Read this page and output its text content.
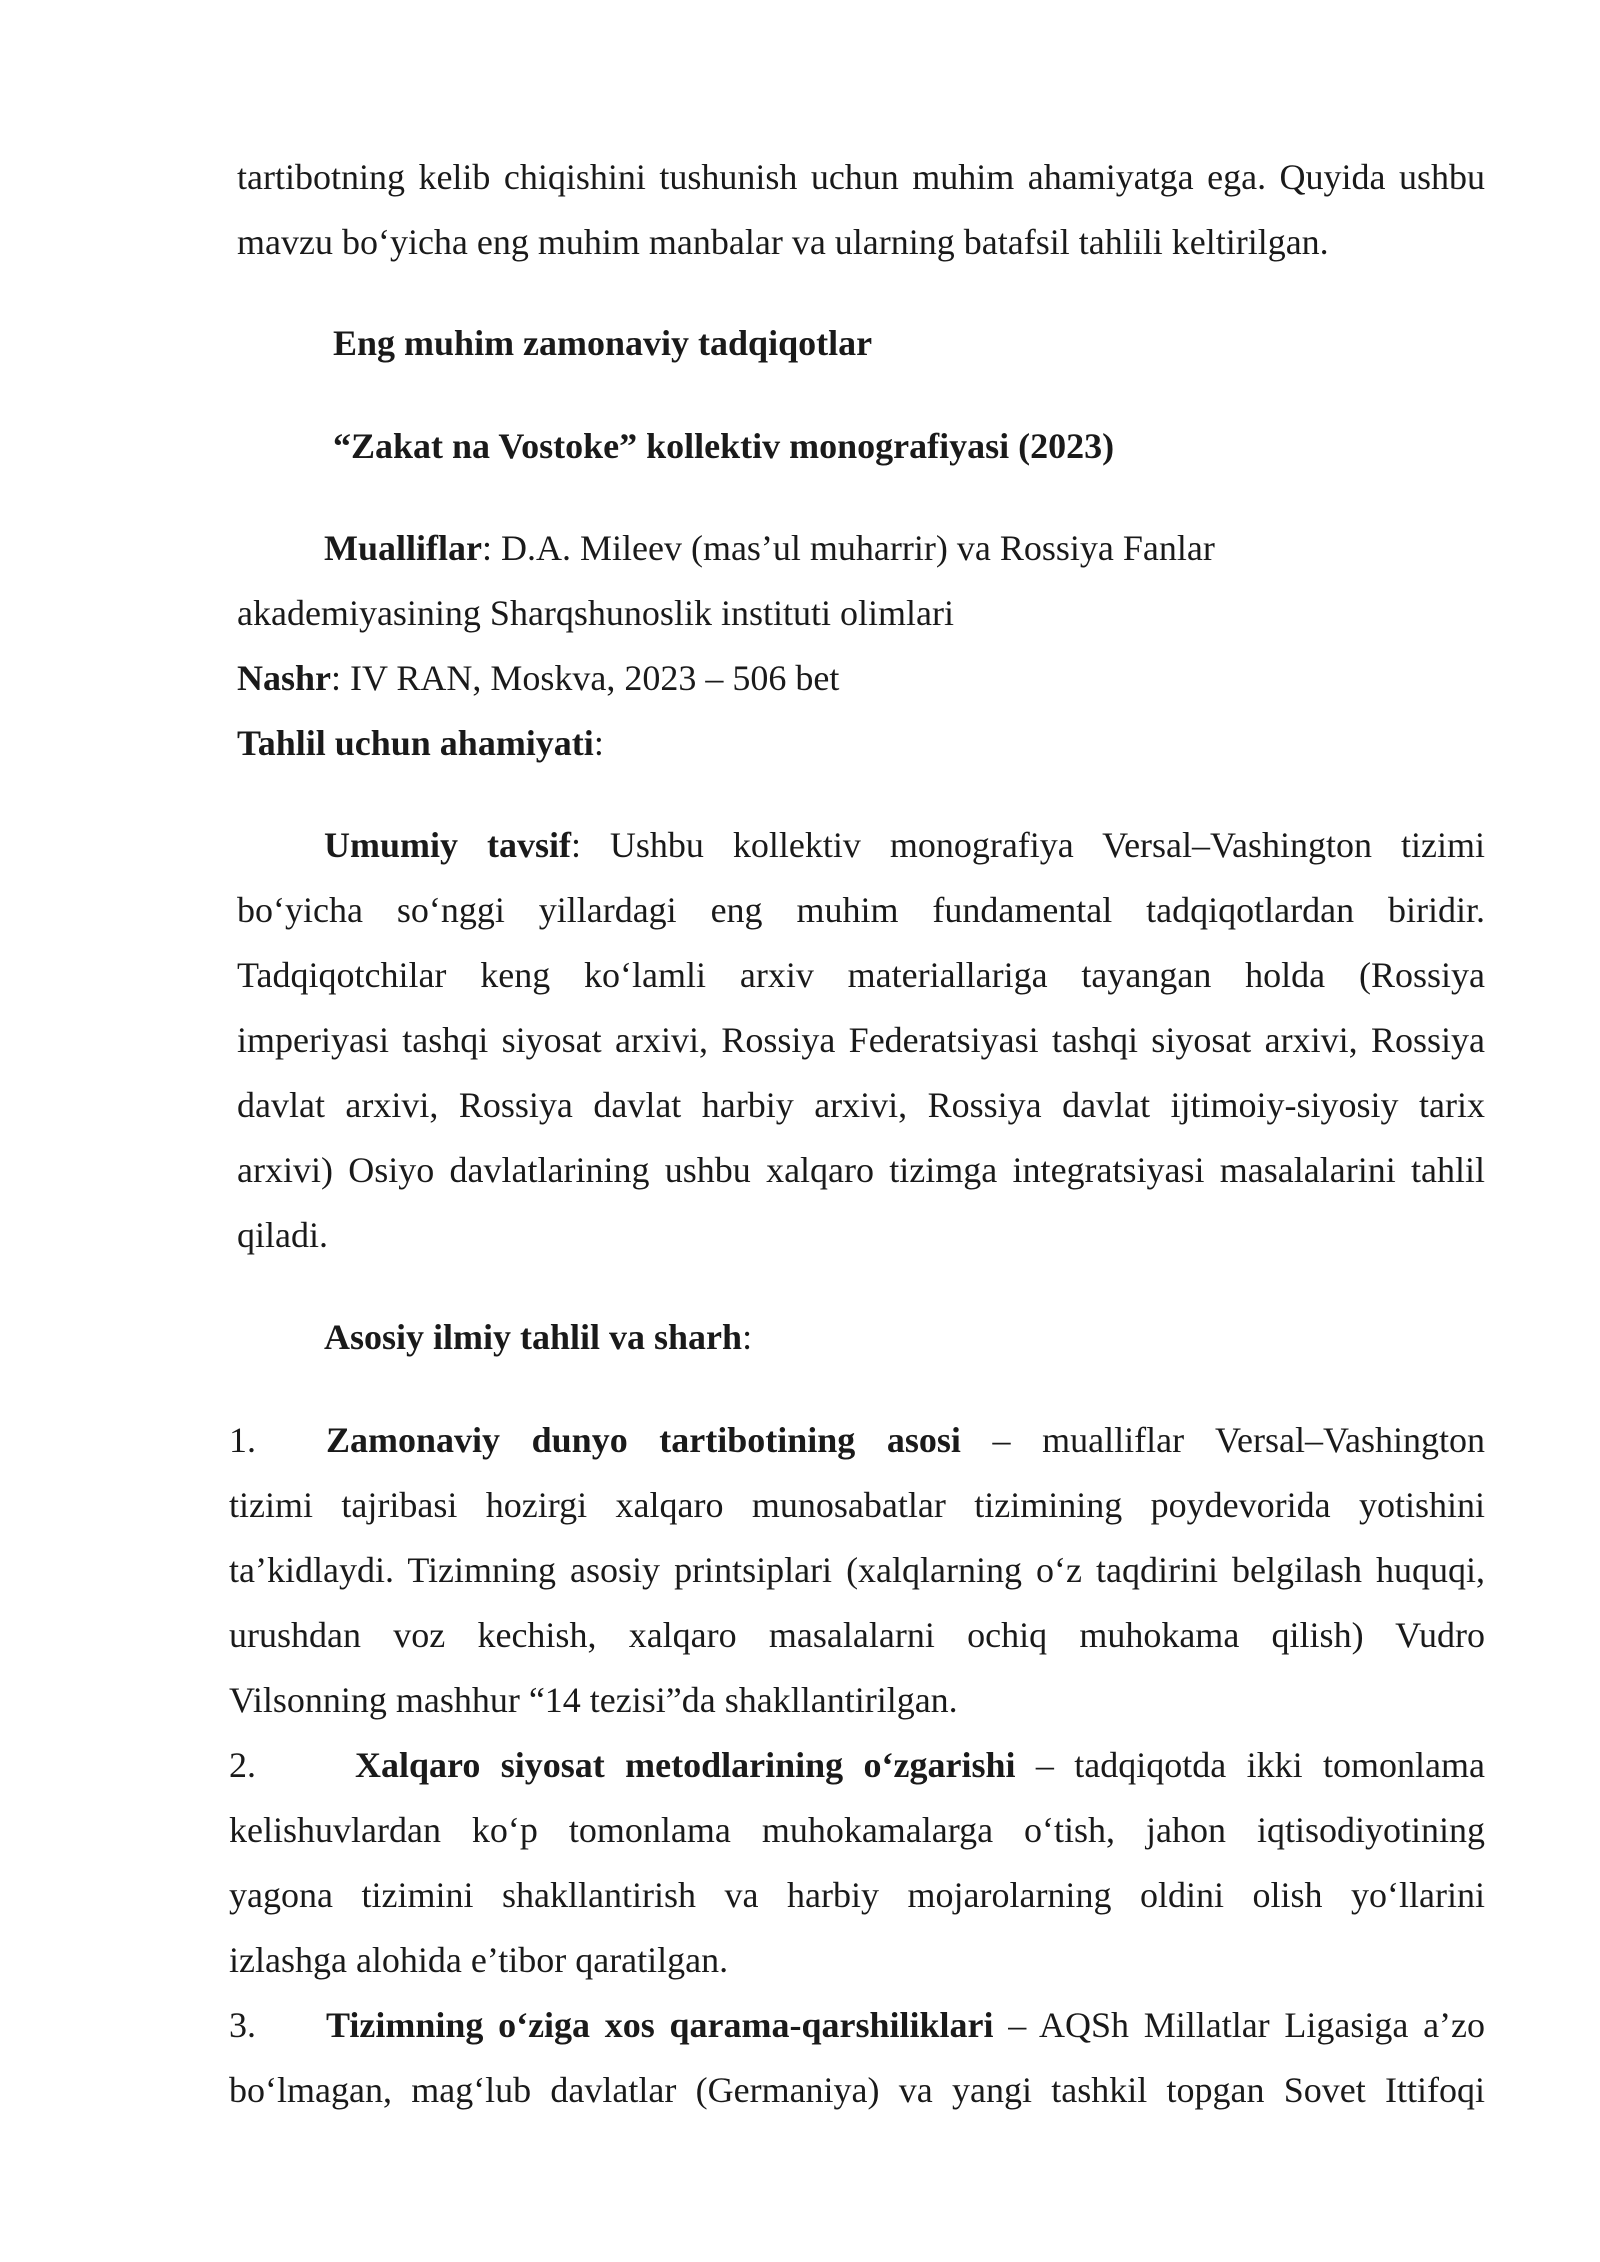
tartibotning kelib chiqishini tushunish uchun muhim ahamiyatga ega. Quyida ushbu
mavzu bo‘yicha eng muhim manbalar va ularning batafsil tahlili keltirilgan.
Eng muhim zamonaviy tadqiqotlar
“Zakat na Vostoke” kollektiv monografiyasi (2023)
Mualliflar: D.A. Mileev (mas’ul muharrir) va Rossiya Fanlar
akademiyasining Sharqshunoslik instituti olimlari
Nashr: IV RAN, Moskva, 2023 – 506 bet
Tahlil uchun ahamiyati:
Umumiy tavsif: Ushbu kollektiv monografiya Versal–Vashington tizimi
bo‘yicha so‘nggi yillardagi eng muhim fundamental tadqiqotlardan biridir.
Tadqiqotchilar keng ko‘lamli arxiv materiallariga tayangan holda (Rossiya
imperiyasi tashqi siyosat arxivi, Rossiya Federatsiyasi tashqi siyosat arxivi, Rossiya
davlat arxivi, Rossiya davlat harbiy arxivi, Rossiya davlat ijtimoiy-siyosiy tarix
arxivi) Osiyo davlatlarining ushbu xalqaro tizimga integratsiyasi masalalarini tahlil
qiladi.
Asosiy ilmiy tahlil va sharh:
1. Zamonaviy dunyo tartibotining asosi – mualliflar Versal–Vashington
tizimi tajribasi hozirgi xalqaro munosabatlar tizimining poydevorida yotishini
ta’kidlaydi. Tizimning asosiy printsiplari (xalqlarning o‘z taqdirini belgilash huquqi,
urushdan voz kechish, xalqaro masalalarni ochiq muhokama qilish) Vudro
Vilsonning mashhur “14 tezisi”da shakllantirilgan.
2.	Xalqaro siyosat metodlarining o‘zgarishi – tadqiqotda ikki tomonlama
kelishuvlardan ko‘p tomonlama muhokamalarga o‘tish, jahon iqtisodiyotining
yagona tizimini shakllantirish va harbiy mojarolarning oldini olish yo‘llarini
izlashga alohida e’tibor qaratilgan.
3. Tizimning o‘ziga xos qarama-qarshiliklari – AQSh Millatlar Ligasiga a’zo
bo‘lmagan, mag‘lub davlatlar (Germaniya) va yangi tashkil topgan Sovet Ittifoqi
